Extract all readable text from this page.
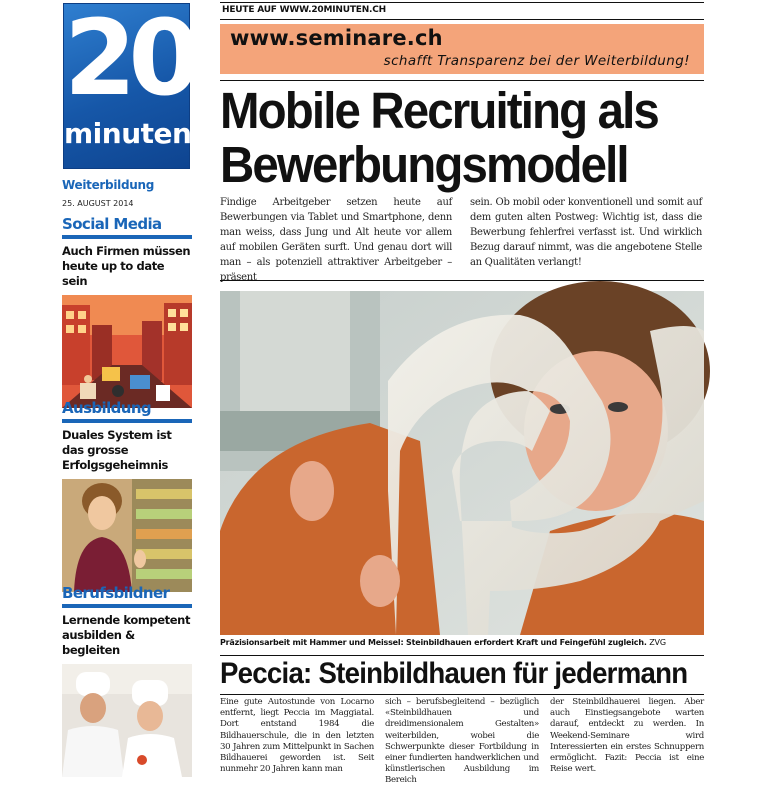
20
minuten
Weiterbildung
25. AUGUST 2014
Social Media
Auch Firmen müssen heute up to date sein
Ausbildung
Duales System ist das grosse Erfolgsgeheimnis
Berufsbildner
Lernende kompetent ausbilden & begleiten
HEUTE AUF WWW.20MINUTEN.CH
www.seminare.ch
schafft Transparenz bei der Weiterbildung!
Mobile Recruiting als
Bewerbungsmodell
Findige Arbeitgeber setzen heute auf Bewerbungen via Tablet und Smartphone, denn man weiss, dass Jung und Alt heute vor allem auf mobilen Geräten surft. Und genau dort will man – als potenziell attraktiver Arbeitgeber – präsent
sein. Ob mobil oder konventionell und somit auf dem guten alten Postweg: Wichtig ist, dass die Bewerbung fehlerfrei verfasst ist. Und wirklich Bezug darauf nimmt, was die angebotene Stelle an Qualitäten verlangt!
Präzisionsarbeit mit Hammer und Meissel: Steinbildhauen erfordert Kraft und Feingefühl zugleich. ZVG
Peccia: Steinbildhauen für jedermann
Eine gute Autostunde von Locarno entfernt, liegt Peccia im Maggiatal. Dort entstand 1984 die Bildhauerschule, die in den letzten 30 Jahren zum Mittelpunkt in Sachen Bildhauerei geworden ist. Seit nunmehr 20 Jahren kann man
sich – berufsbegleitend – bezüglich «Steinbildhauen und dreidimensionalem Gestalten» weiterbilden, wobei die Schwerpunkte dieser Fortbildung in einer fundierten handwerklichen und künstlerischen Ausbildung im Bereich
der Steinbildhauerei liegen. Aber auch Einstiegsangebote warten darauf, entdeckt zu werden. In Weekend-Seminare wird Interessierten ein erstes Schnuppern ermöglicht. Fazit: Peccia ist eine Reise wert.
